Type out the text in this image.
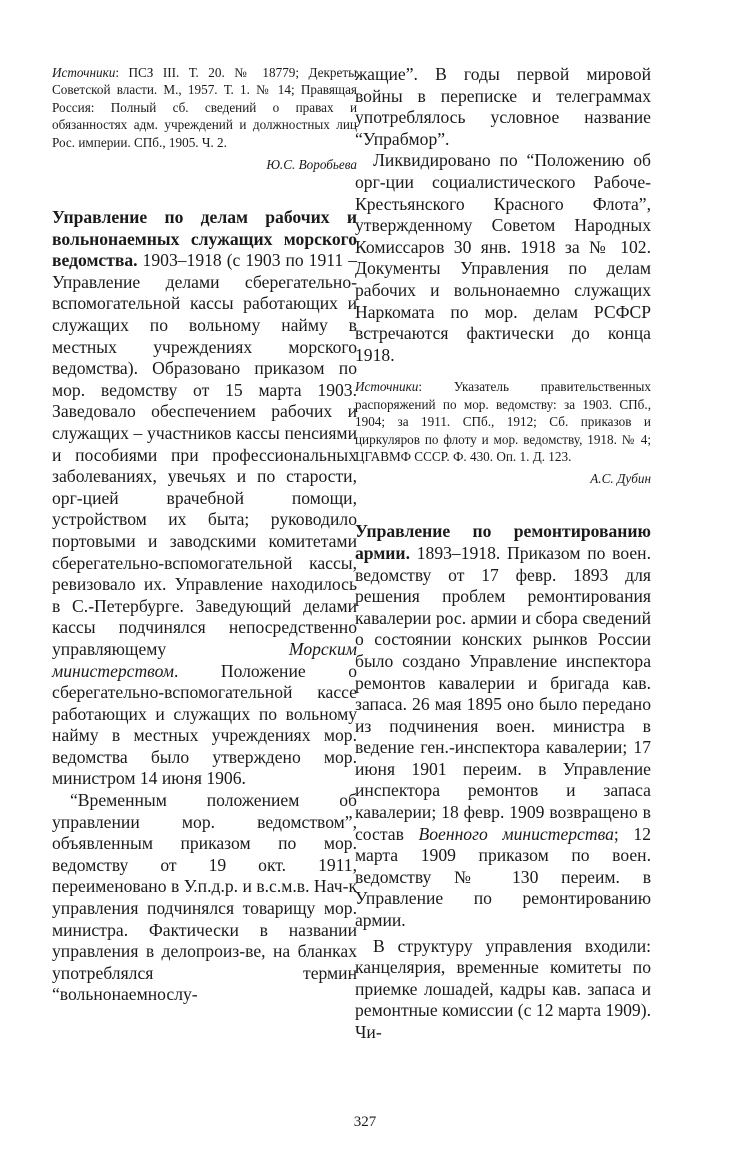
Источники: ПСЗ III. Т. 20. № 18779; Декреты Советской власти. М., 1957. Т. 1. № 14; Правящая Россия: Полный сб. сведений о правах и обязанностях адм. учреждений и должностных лиц Рос. империи. СПб., 1905. Ч. 2.

Ю.С. Воробьева

Управление по делам рабочих и вольнонаемных служащих морского ведомства. 1903–1918 (с 1903 по 1911 – Управление делами сберегательно-вспомогательной кассы работающих и служащих по вольному найму в местных учреждениях морского ведомства). Образовано приказом по мор. ведомству от 15 марта 1903. Заведовало обеспечением рабочих и служащих – участников кассы пенсиями и пособиями при профессиональных заболеваниях, увечьях и по старости, орг-цией врачебной помощи, устройством их быта; руководило портовыми и заводскими комитетами сберегательно-вспомогательной кассы, ревизовало их. Управление находилось в С.-Петербурге. Заведующий делами кассы подчинялся непосредственно управляющему Морским министерством. Положение о сберегательно-вспомогательной кассе работающих и служащих по вольному найму в местных учреждениях мор. ведомства было утверждено мор. министром 14 июня 1906.

“Временным положением об управлении мор. ведомством”, объявленным приказом по мор. ведомству от 19 окт. 1911, переименовано в У.п.д.р. и в.с.м.в. Нач-к управления подчинялся товарищу мор. министра. Фактически в названии управления в делопроиз-ве, на бланках употреблялся термин “вольнонаемнослу-

жащие”. В годы первой мировой войны в переписке и телеграммах употреблялось условное название “Упрабмор”.

Ликвидировано по “Положению об орг-ции социалистического Рабоче-Крестьянского Красного Флота”, утвержденному Советом Народных Комиссаров 30 янв. 1918 за № 102. Документы Управления по делам рабочих и вольнонаемно служащих Наркомата по мор. делам РСФСР встречаются фактически до конца 1918.

Источники: Указатель правительственных распоряжений по мор. ведомству: за 1903. СПб., 1904; за 1911. СПб., 1912; Сб. приказов и циркуляров по флоту и мор. ведомству, 1918. № 4; ЦГАВМФ СССР. Ф. 430. Оп. 1. Д. 123.

А.С. Дубин

Управление по ремонтированию армии. 1893–1918. Приказом по воен. ведомству от 17 февр. 1893 для решения проблем ремонтирования кавалерии рос. армии и сбора сведений о состоянии конских рынков России было создано Управление инспектора ремонтов кавалерии и бригада кав. запаса. 26 мая 1895 оно было передано из подчинения воен. министра в ведение ген.-инспектора кавалерии; 17 июня 1901 переим. в Управление инспектора ремонтов и запаса кавалерии; 18 февр. 1909 возвращено в состав Военного министерства; 12 марта 1909 приказом по воен. ведомству № 130 переим. в Управление по ремонтированию армии.

В структуру управления входили: канцелярия, временные комитеты по приемке лошадей, кадры кав. запаса и ремонтные комиссии (с 12 марта 1909). Чи-

327
